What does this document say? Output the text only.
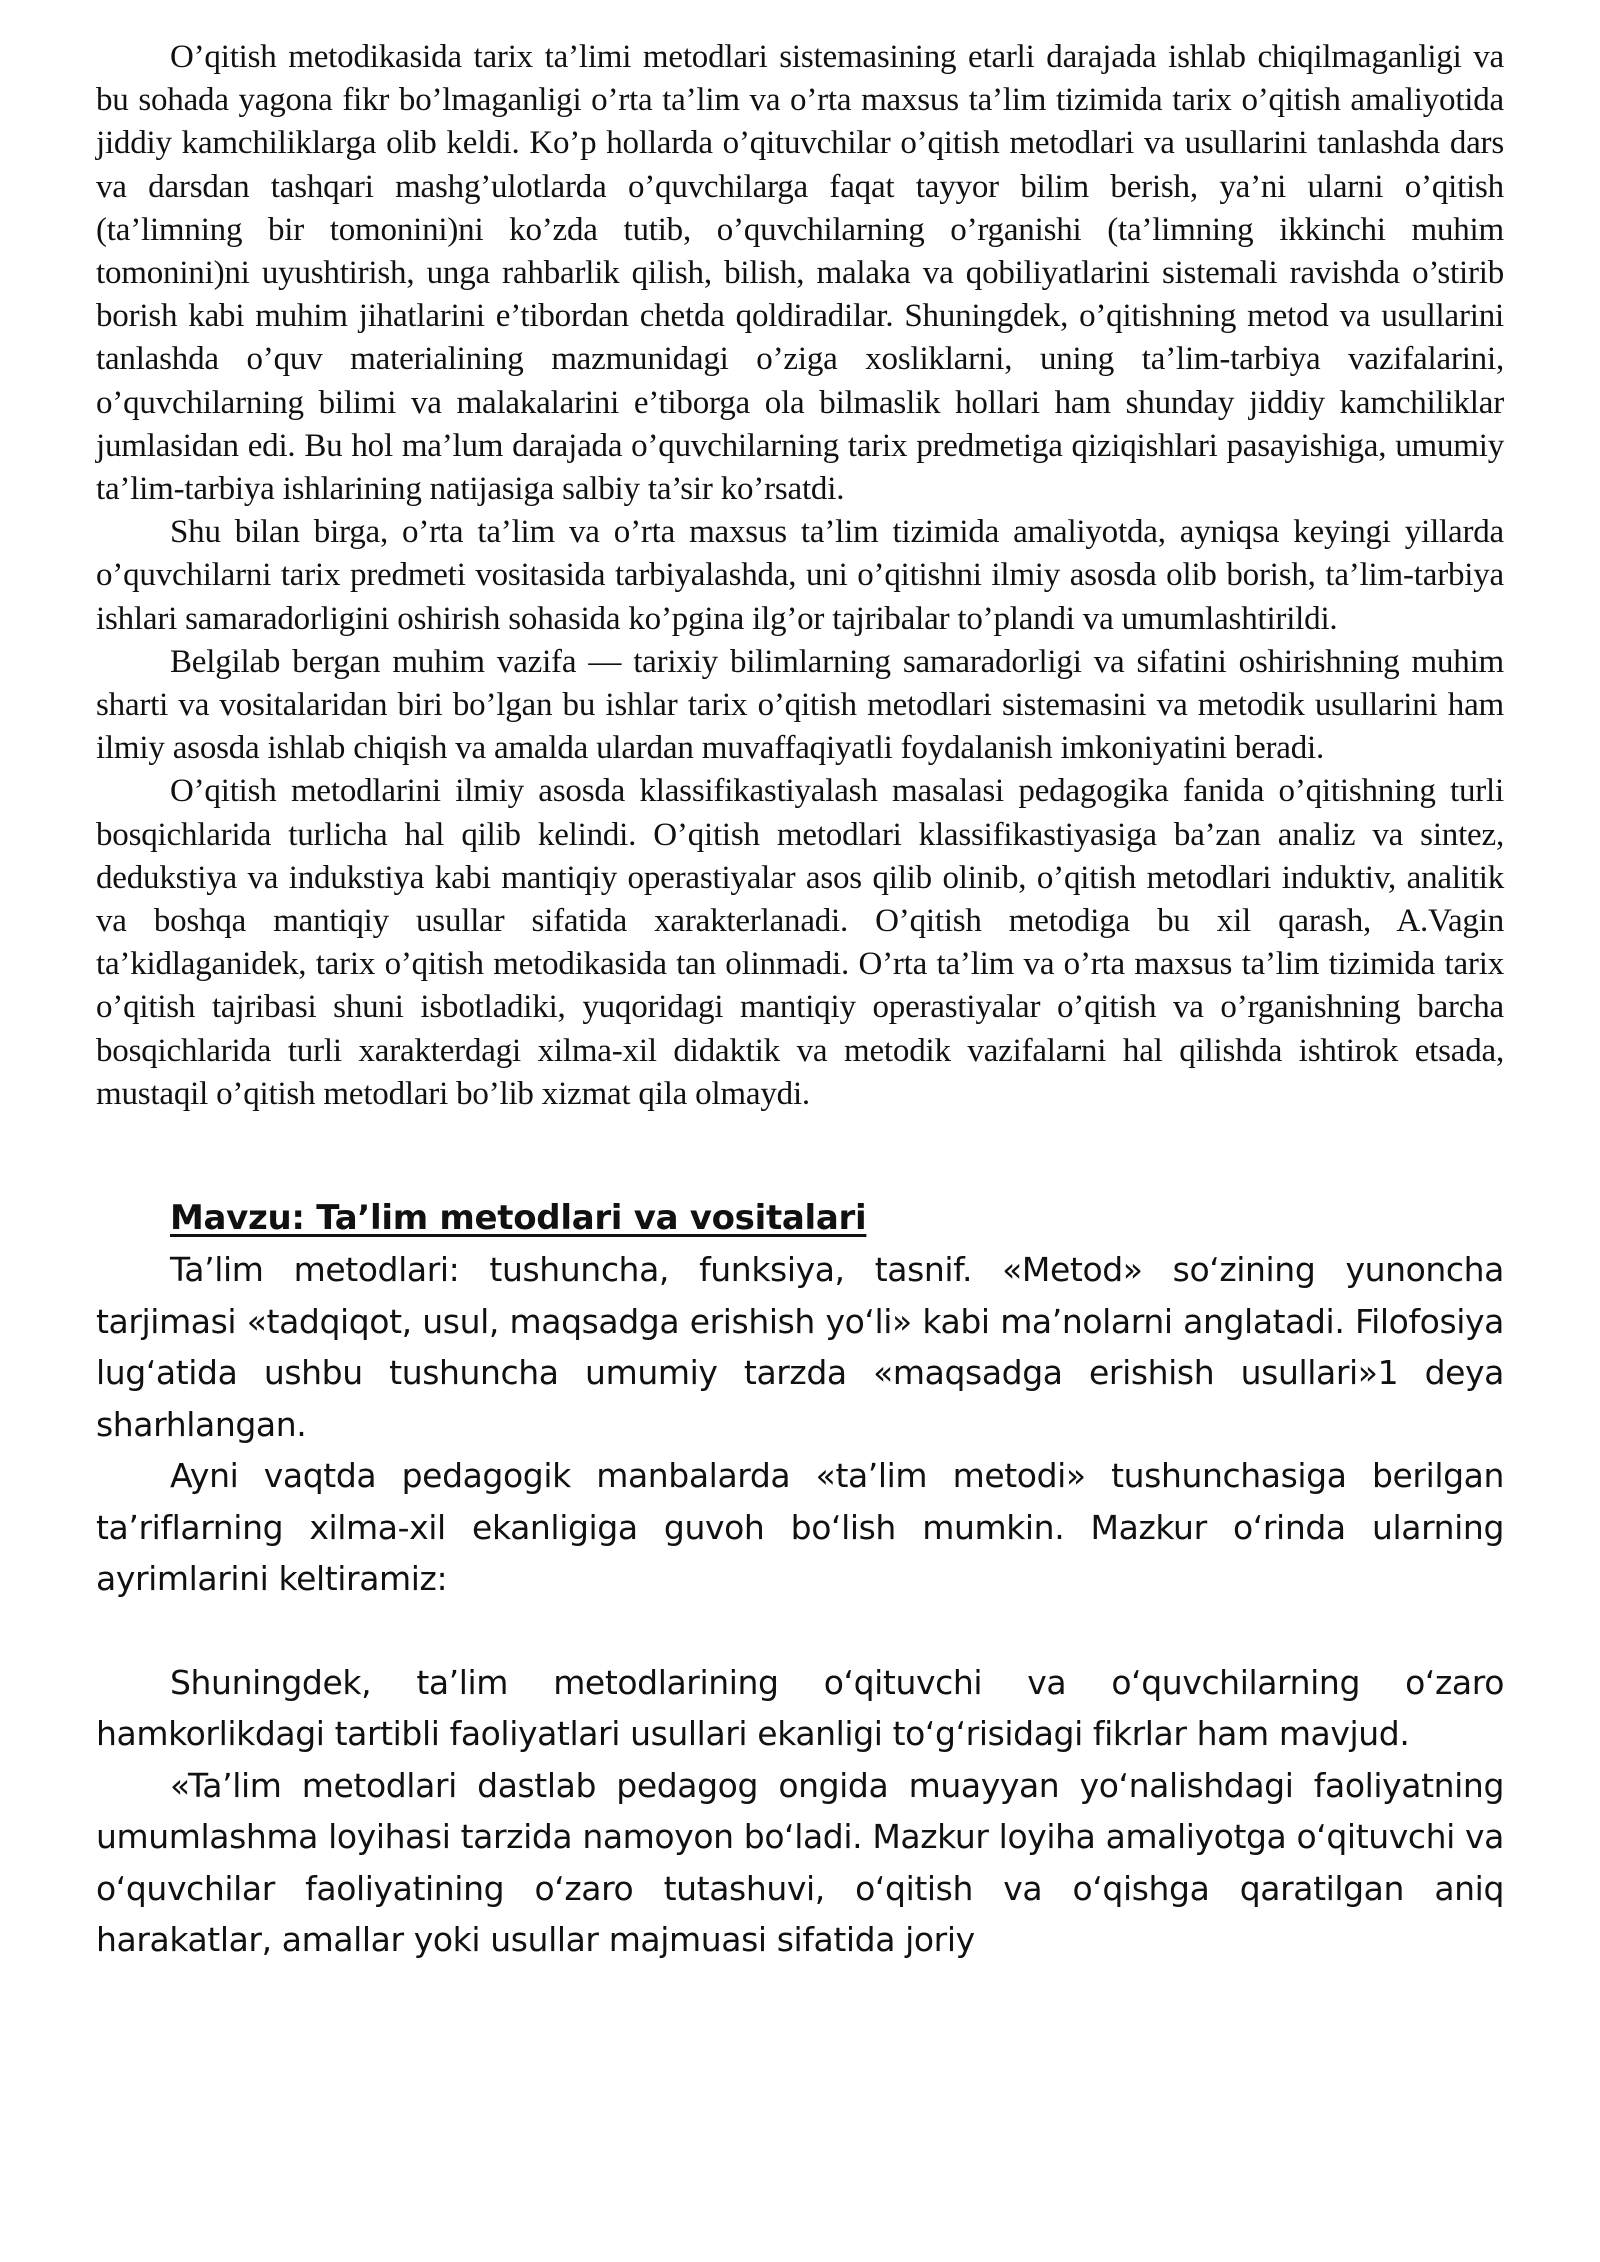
O’qitish metodikasida tarix ta’limi metodlari sistemasining etarli darajada ishlab chiqilmaganligi va bu sohada yagona fikr bo’lmaganligi o’rta ta’lim va o’rta maxsus ta’lim tizimida tarix o’qitish amaliyotida jiddiy kamchiliklarga olib keldi. Ko’p hollarda o’qituvchilar o’qitish metodlari va usullarini tanlashda dars va darsdan tashqari mashg’ulotlarda o’quvchilarga faqat tayyor bilim berish, ya’ni ularni o’qitish (ta’limning bir tomonini)ni ko’zda tutib, o’quvchilarning o’rganishi (ta’limning ikkinchi muhim tomonini)ni uyushtirish, unga rahbarlik qilish, bilish, malaka va qobiliyatlarini sistemali ravishda o’stirib borish kabi muhim jihatlarini e’tibordan chetda qoldiradilar. Shuningdek, o’qitishning metod va usullarini tanlashda o’quv materialining mazmunidagi o’ziga xosliklarni, uning ta’lim-tarbiya vazifalarini, o’quvchilarning bilimi va malakalarini e’tiborga ola bilmaslik hollari ham shunday jiddiy kamchiliklar jumlasidan edi. Bu hol ma’lum darajada o’quvchilarning tarix predmetiga qiziqishlari pasayishiga, umumiy ta’lim-tarbiya ishlarining natijasiga salbiy ta’sir ko’rsatdi.

Shu bilan birga, o’rta ta’lim va o’rta maxsus ta’lim tizimida amaliyotda, ayniqsa keyingi yillarda o’quvchilarni tarix predmeti vositasida tarbiyalashda, uni o’qitishni ilmiy asosda olib borish, ta’lim-tarbiya ishlari samaradorligini oshirish sohasida ko’pgina ilg’or tajribalar to’plandi va umumlashtirildi.

Belgilab bergan muhim vazifa — tarixiy bilimlarning samaradorligi va sifatini oshirishning muhim sharti va vositalaridan biri bo’lgan bu ishlar tarix o’qitish metodlari sistemasini va metodik usullarini ham ilmiy asosda ishlab chiqish va amalda ulardan muvaffaqiyatli foydalanish imkoniyatini beradi.

O’qitish metodlarini ilmiy asosda klassifikastiyalash masalasi pedagogika fanida o’qitishning turli bosqichlarida turlicha hal qilib kelindi. O’qitish metodlari klassifikastiyasiga ba’zan analiz va sintez, dedukstiya va indukstiya kabi mantiqiy operastiyalar asos qilib olinib, o’qitish metodlari induktiv, analitik va boshqa mantiqiy usullar sifatida xarakterlanadi. O’qitish metodiga bu xil qarash, A.Vagin ta’kidlaganidek, tarix o’qitish metodikasida tan olinmadi. O’rta ta’lim va o’rta maxsus ta’lim tizimida tarix o’qitish tajribasi shuni isbotladiki, yuqoridagi mantiqiy operastiyalar o’qitish va o’rganishning barcha bosqichlarida turli xarakterdagi xilma-xil didaktik va metodik vazifalarni hal qilishda ishtirok etsada, mustaqil o’qitish metodlari bo’lib xizmat qila olmaydi.

Mavzu: Ta’lim metodlari va vositalari

Ta’lim metodlari: tushuncha, funksiya, tasnif. «Metod» so‘zining yunoncha tarjimasi «tadqiqot, usul, maqsadga erishish yo‘li» kabi ma’nolarni anglatadi. Filofosiya lug‘atida ushbu tushuncha umumiy tarzda «maqsadga erishish usullari»1 deya sharhlangan.

Ayni vaqtda pedagogik manbalarda «ta’lim metodi» tushunchasiga berilgan ta’riflarning xilma-xil ekanligiga guvoh bo‘lish mumkin. Mazkur o‘rinda ularning ayrimlarini keltiramiz:

Shuningdek, ta’lim metodlarining o‘qituvchi va o‘quvchilarning o‘zaro hamkorlikdagi tartibli faoliyatlari usullari ekanligi to‘g‘risidagi fikrlar ham mavjud.

«Ta’lim metodlari dastlab pedagog ongida muayyan yo‘nalishdagi faoliyatning umumlashma loyihasi tarzida namoyon bo‘ladi. Mazkur loyiha amaliyotga o‘qituvchi va o‘quvchilar faoliyatining o‘zaro tutashuvi, o‘qitish va o‘qishga qaratilgan aniq harakatlar, amallar yoki usullar majmuasi sifatida joriy
